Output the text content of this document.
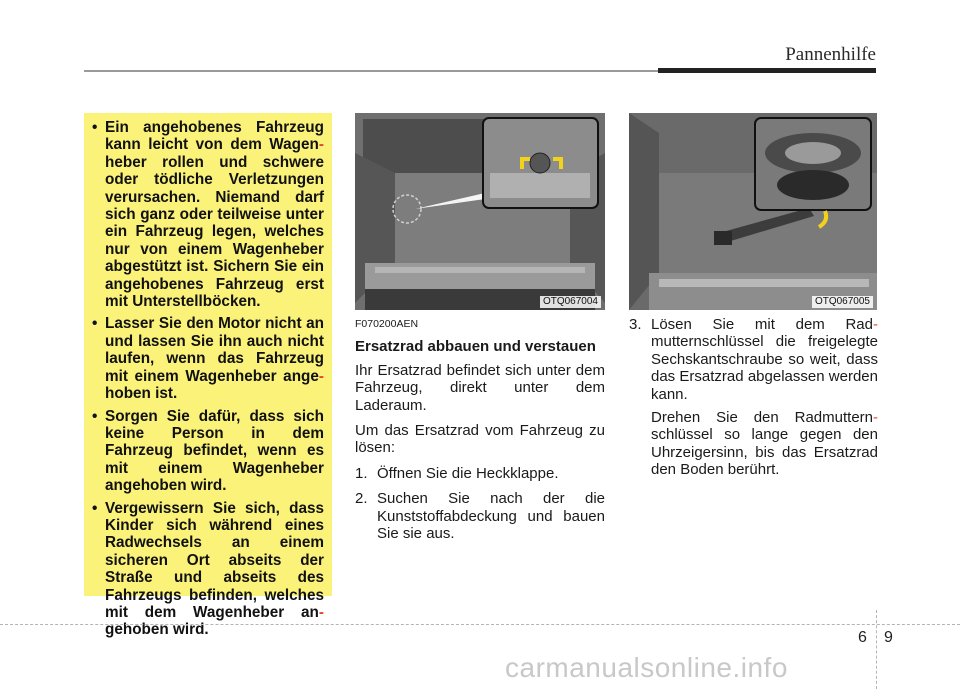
Pannenhilfe
• Ein angehobenes Fahrzeug kann leicht von dem Wagen- heber rollen und schwere oder tödliche Verletzungen verursachen. Niemand darf sich ganz oder teilweise unter ein Fahrzeug legen, welches nur von einem Wagenheber abgestützt ist. Sichern Sie ein angehobenes Fahrzeug erst mit Unterstellböcken.
• Lasser Sie den Motor nicht an und lassen Sie ihn auch nicht laufen, wenn das Fahrzeug mit einem Wagenheber ange- hoben ist.
• Sorgen Sie dafür, dass sich keine Person in dem Fahrzeug befindet, wenn es mit einem Wagenheber angehoben wird.
• Vergewissern Sie sich, dass Kinder sich während eines Radwechsels an einem sicheren Ort abseits der Straße und abseits des Fahrzeugs befinden, welches mit dem Wagenheber an- gehoben wird.
OTQ067004	OTQ067005
F070200AEN
Ersatzrad abbauen und verstauen

Ihr Ersatzrad befindet sich unter dem Fahrzeug, direkt unter dem Laderaum.

Um das Ersatzrad vom Fahrzeug zu lösen:

1. Öffnen Sie die Heckklappe.
2. Suchen Sie nach der die Kunststoffabdeckung und bauen Sie sie aus.
3. Lösen Sie mit dem Rad- mutternschlüssel die freigelegte Sechskantschraube so weit, dass das Ersatzrad abgelassen werden kann.
Drehen Sie den Radmuttern- schlüssel so lange gegen den Uhrzeigersinn, bis das Ersatzrad den Boden berührt.
6 9
carmanualsonline.info
